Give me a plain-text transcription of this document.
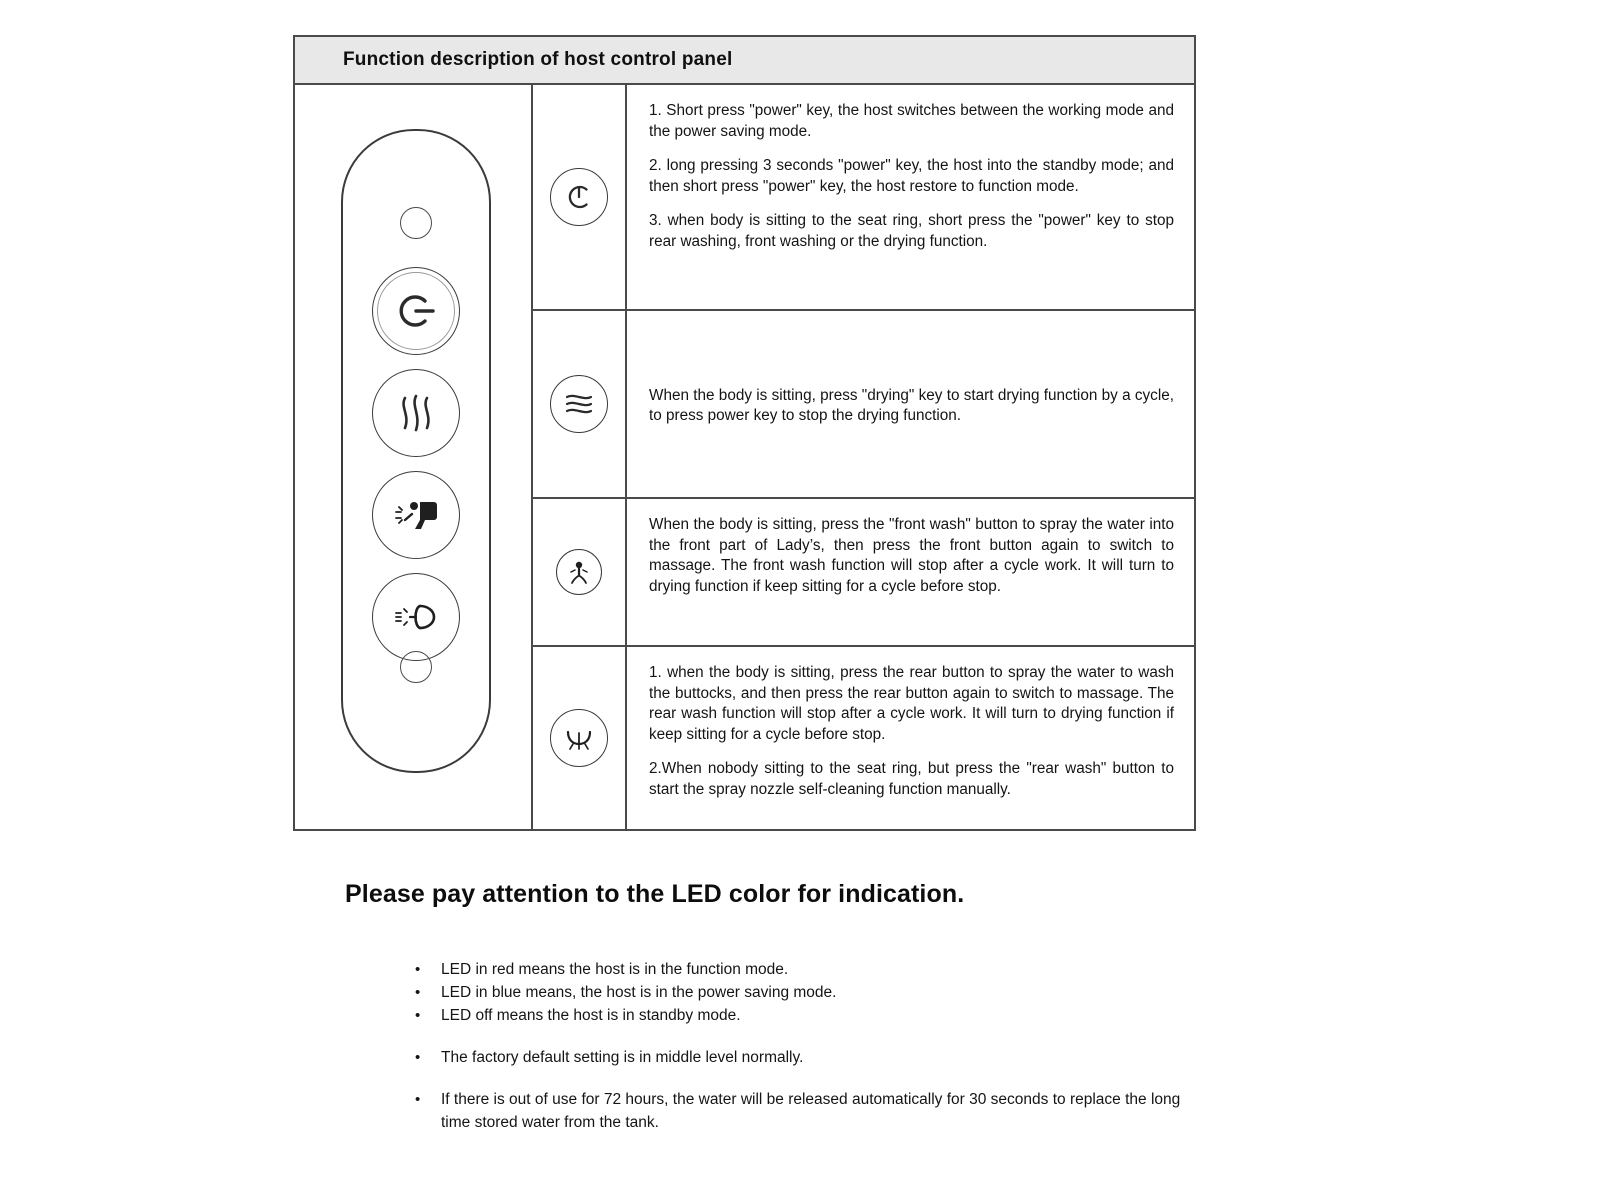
Function description of host control panel

1. Short press "power" key, the host switches between the working mode and the power saving mode.

2. long pressing 3 seconds "power" key, the host into the standby mode; and then short press "power" key, the host restore to function mode.

3. when body is sitting to the seat ring, short press the "power" key to stop rear washing, front washing or the drying function.

When the body is sitting, press "drying" key to start drying function by a cycle, to press power key to stop the drying function.

When the body is sitting, press the "front wash" button to spray the water into the front part of Lady’s, then press the front button again to switch to massage. The front wash function will stop after a cycle work. It will turn to drying function if keep sitting for a cycle before stop.

1. when the body is sitting, press the rear button to spray the water to wash the buttocks, and then press the rear button again to switch to massage. The rear wash function will stop after a cycle work. It will turn to drying function if keep sitting for a cycle before stop.

2.When nobody sitting to the seat ring, but press the "rear wash" button to start the spray nozzle self-cleaning function manually.

Please pay attention to the LED color for indication.
•	LED in red means the host is in the function mode.
•	LED in blue means, the host is in the power saving mode.
•	LED off means the host is in standby mode.
•	The factory default setting is in middle level normally.
•	If there is out of use for 72 hours, the water will be released automatically for 30 seconds to replace the long time stored water from the tank.
